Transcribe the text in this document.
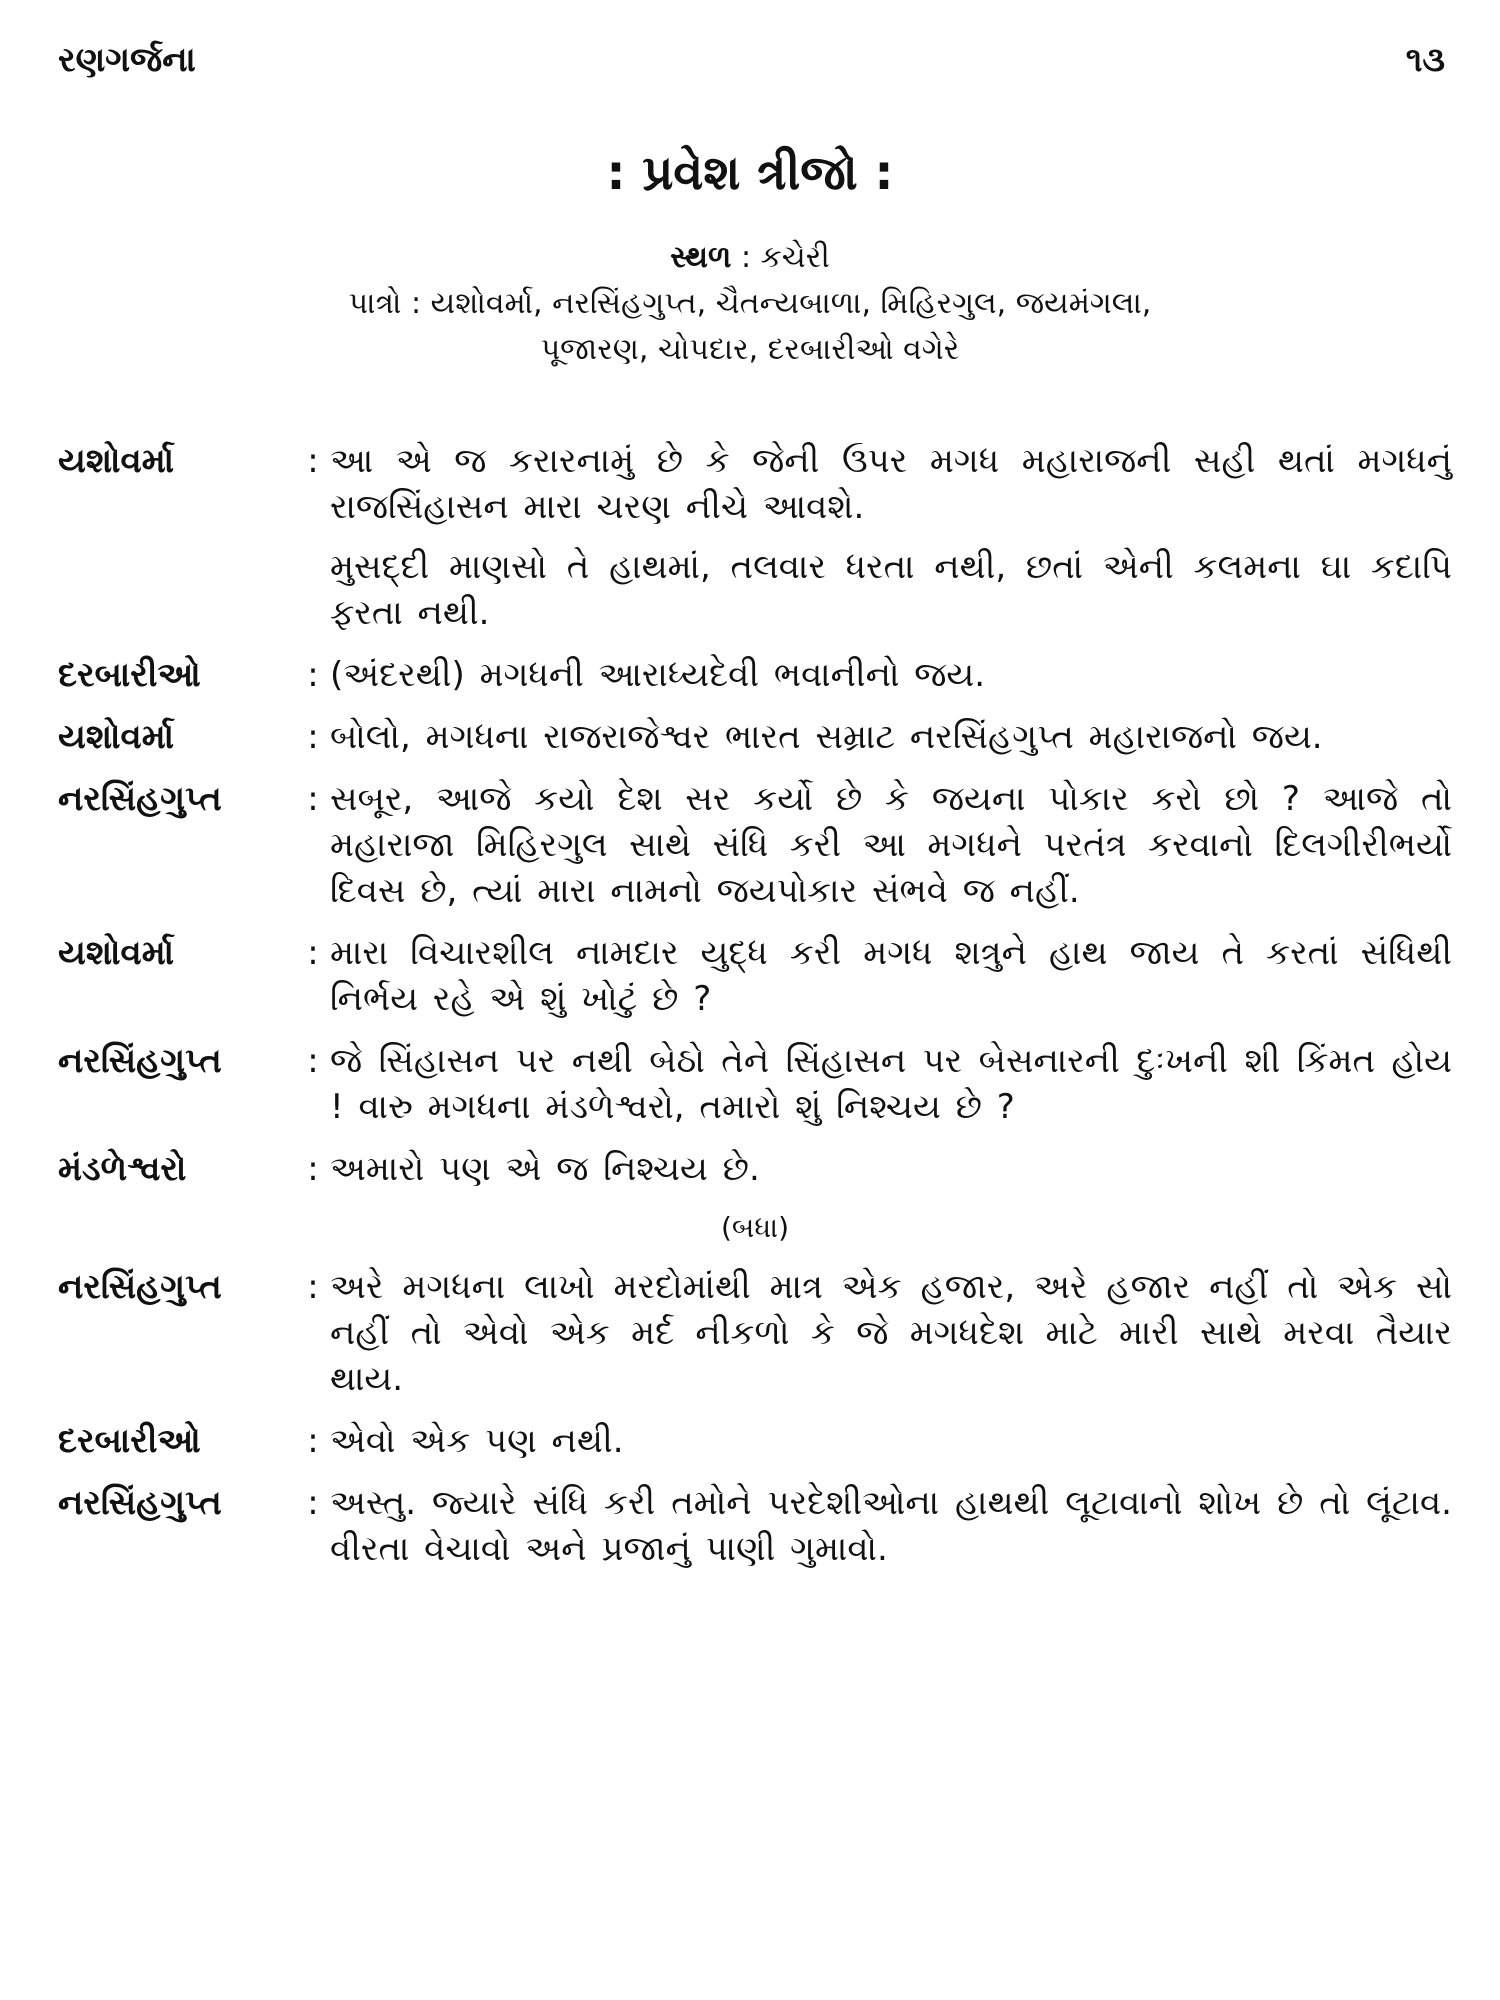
રણગર્જના	૧૩
: પ્રવેશ ત્રીજો :
સ્થળ : કચેરી
પાત્રો : યશોવર્મા, નરસિંહગુપ્ત, ચૈતન્યબાળા, મિહિરગુલ, જયમંગલા,
પૂજારણ, ચોપદાર, દરબારીઓ વગેરે
યશોવર્મા	: આ એ જ કરારનામું છે કે જેની ઉપર મગધ મહારાજની સહી થતાં મગધનું રાજસિંહાસન મારા ચરણ નીચે આવશે.

મુસદ્દી માણસો તે હાથમાં, તલવાર ધરતા નથી, છતાં એની કલમના ઘા કદાપિ ફરતા નથી.

દરબારીઓ	: (અંદરથી) મગધની આરાધ્યદેવી ભવાનીનો જય.

યશોવર્મા	: બોલો, મગધના રાજરાજેશ્વર ભારત સમ્રાટ નરસિંહગુપ્ત મહારાજનો જય.

નરસિંહગુપ્ત	: સબૂર, આજે કયો દેશ સર કર્યો છે કે જયના પોકાર કરો છો ? આજે તો મહારાજા મિહિરગુલ સાથે સંધિ કરી આ મગધને પરતંત્ર કરવાનો દિલગીરીભર્યો દિવસ છે, ત્યાં મારા નામનો જયપોકાર સંભવે જ નહીં.

યશોવર્મા	: મારા વિચારશીલ નામદાર યુદ્ધ કરી મગધ શત્રુને હાથ જાય તે કરતાં સંધિથી નિર્ભય રહે એ શું ખોટું છે ?

નરસિંહગુપ્ત	: જે સિંહાસન પર નથી બેઠો તેને સિંહાસન પર બેસનારની દુઃખની શી કિંમત હોય ! વારુ મગધના મંડળેશ્વરો, તમારો શું નિશ્ચય છે ?

મંડળેશ્વરો	: અમારો પણ એ જ નિશ્ચય છે.

(બધા)
નરસિંહગુપ્ત	: અરે મગધના લાખો મરદોમાંથી માત્ર એક હજાર, અરે હજાર નહીં તો એક સો નહીં તો એવો એક મર્દ નીકળો કે જે મગધદેશ માટે મારી સાથે મરવા તૈયાર થાય.

દરબારીઓ	: એવો એક પણ નથી.

નરસિંહગુપ્ત	: અસ્તુ. જ્યારે સંધિ કરી તમોને પરદેશીઓના હાથથી લૂટાવાનો શોખ છે તો લૂંટાવ. વીરતા વેચાવો અને પ્રજાનું પાણી ગુમાવો.
